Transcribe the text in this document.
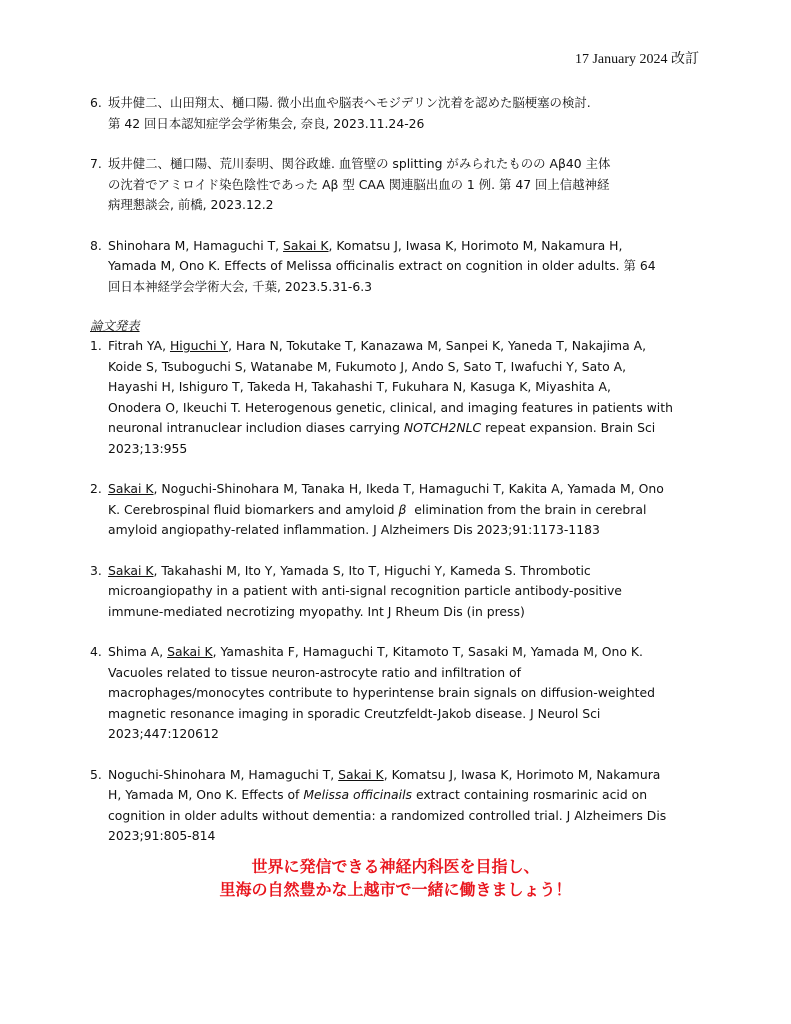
17 January 2024 改訂
6. 坂井健二、山田翔太、樋口陽. 微小出血や脳表ヘモジデリン沈着を認めた脳梗塞の検討.
第 42 回日本認知症学会学術集会, 奈良, 2023.11.24-26
7. 坂井健二、樋口陽、荒川泰明、関谷政雄. 血管壁の splitting がみられたものの Aβ40 主体
の沈着でアミロイド染色陰性であった Aβ 型 CAA 関連脳出血の 1 例. 第 47 回上信越神経
病理懇談会, 前橋, 2023.12.2
8. Shinohara M, Hamaguchi T, Sakai K, Komatsu J, Iwasa K, Horimoto M, Nakamura H,
Yamada M, Ono K. Effects of Melissa officinalis extract on cognition in older adults. 第 64
回日本神経学会学術大会, 千葉, 2023.5.31-6.3
論文発表
1. Fitrah YA, Higuchi Y, Hara N, Tokutake T, Kanazawa M, Sanpei K, Yaneda T, Nakajima A,
Koide S, Tsuboguchi S, Watanabe M, Fukumoto J, Ando S, Sato T, Iwafuchi Y, Sato A,
Hayashi H, Ishiguro T, Takeda H, Takahashi T, Fukuhara N, Kasuga K, Miyashita A,
Onodera O, Ikeuchi T. Heterogenous genetic, clinical, and imaging features in patients with
neuronal intranuclear includion diases carrying NOTCH2NLC repeat expansion. Brain Sci
2023;13:955
2. Sakai K, Noguchi-Shinohara M, Tanaka H, Ikeda T, Hamaguchi T, Kakita A, Yamada M, Ono
K. Cerebrospinal fluid biomarkers and amyloid β  elimination from the brain in cerebral
amyloid angiopathy-related inflammation. J Alzheimers Dis 2023;91:1173-1183
3. Sakai K, Takahashi M, Ito Y, Yamada S, Ito T, Higuchi Y, Kameda S. Thrombotic
microangiopathy in a patient with anti-signal recognition particle antibody-positive
immune-mediated necrotizing myopathy. Int J Rheum Dis (in press)
4. Shima A, Sakai K, Yamashita F, Hamaguchi T, Kitamoto T, Sasaki M, Yamada M, Ono K.
Vacuoles related to tissue neuron-astrocyte ratio and infiltration of
macrophages/monocytes contribute to hyperintense brain signals on diffusion-weighted
magnetic resonance imaging in sporadic Creutzfeldt-Jakob disease. J Neurol Sci
2023;447:120612
5. Noguchi-Shinohara M, Hamaguchi T, Sakai K, Komatsu J, Iwasa K, Horimoto M, Nakamura
H, Yamada M, Ono K. Effects of Melissa officinails extract containing rosmarinic acid on
cognition in older adults without dementia: a randomized controlled trial. J Alzheimers Dis
2023;91:805-814
世界に発信できる神経内科医を目指し、
里海の自然豊かな上越市で一緒に働きましょう！
